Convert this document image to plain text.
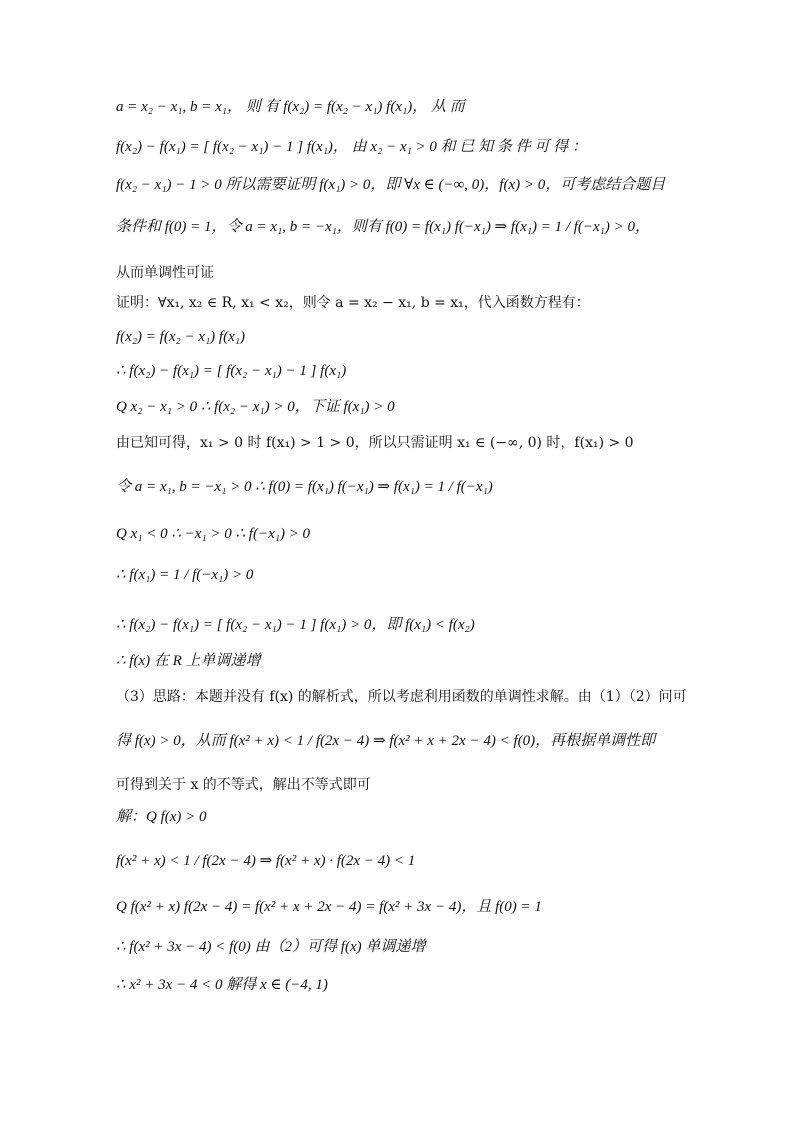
a = x₂ − x₁, b = x₁， 则 有 f(x₂) = f(x₂ − x₁) f(x₁)， 从 而
f(x₂) − f(x₁) = [ f(x₂ − x₁) − 1 ] f(x₁)， 由 x₂ − x₁ > 0 和 已 知 条 件 可 得 ：
f(x₂ − x₁) − 1 > 0 所以需要证明 f(x₁) > 0，即 ∀x ∈ (−∞, 0)，f(x) > 0，可考虑结合题目
条件和 f(0) = 1，令 a = x₁, b = −x₁，则有 f(0) = f(x₁) f(−x₁) ⇒ f(x₁) = 1 / f(−x₁) > 0，
从而单调性可证
证明：∀x₁, x₂ ∈ R, x₁ < x₂，则令 a = x₂ − x₁, b = x₁，代入函数方程有：
f(x₂) = f(x₂ − x₁) f(x₁)
∴ f(x₂) − f(x₁) = [ f(x₂ − x₁) − 1 ] f(x₁)
Q x₂ − x₁ > 0 ∴ f(x₂ − x₁) > 0，下证 f(x₁) > 0
由已知可得，x₁ > 0 时 f(x₁) > 1 > 0，所以只需证明 x₁ ∈ (−∞, 0) 时，f(x₁) > 0
令 a = x₁, b = −x₁ > 0 ∴ f(0) = f(x₁) f(−x₁) ⇒ f(x₁) = 1 / f(−x₁)
Q x₁ < 0 ∴ −x₁ > 0 ∴ f(−x₁) > 0
∴ f(x₁) = 1 / f(−x₁) > 0
∴ f(x₂) − f(x₁) = [ f(x₂ − x₁) − 1 ] f(x₁) > 0，即 f(x₁) < f(x₂)
∴ f(x) 在 R 上单调递增
（3）思路：本题并没有 f(x) 的解析式，所以考虑利用函数的单调性求解。由（1）（2）问可
得 f(x) > 0，从而 f(x² + x) < 1 / f(2x − 4) ⇒ f(x² + x + 2x − 4) < f(0)，再根据单调性即
可得到关于 x 的不等式，解出不等式即可
解：Q f(x) > 0
f(x² + x) < 1 / f(2x − 4) ⇒ f(x² + x) · f(2x − 4) < 1
Q f(x² + x) f(2x − 4) = f(x² + x + 2x − 4) = f(x² + 3x − 4)，且 f(0) = 1
∴ f(x² + 3x − 4) < f(0) 由（2）可得 f(x) 单调递增
∴ x² + 3x − 4 < 0 解得 x ∈ (−4, 1)
